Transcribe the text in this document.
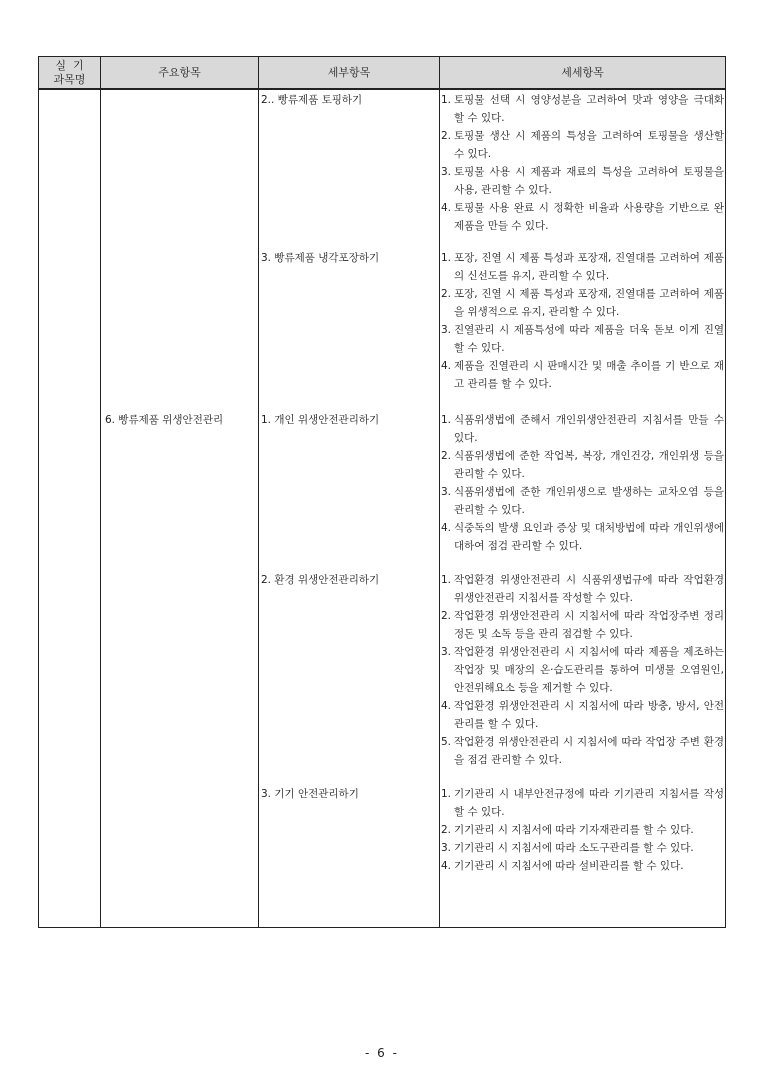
실  기
과목명
주요항목	세부항목	세세항목
6. 빵류제품 위생안전관리
2.. 빵류제품 토핑하기
3. 빵류제품 냉각포장하기
1. 개인 위생안전관리하기
2. 환경 위생안전관리하기
3. 기기 안전관리하기
1. 토핑물 선택 시 영양성분을 고려하여 맛과 영양을 극대화 할 수 있다.
2. 토핑물 생산 시 제품의 특성을 고려하여 토핑물을 생산할 수 있다.
3. 토핑물 사용 시 제품과 재료의 특성을 고려하여 토핑물을 사용, 관리할 수 있다.
4. 토핑물 사용 완료 시 정확한 비율과 사용량을 기반으로 완제품을 만들 수 있다.
1. 포장, 진열 시 제품 특성과 포장재, 진열대를 고려하여 제품의 신선도를 유지, 관리할 수 있다.
2. 포장, 진열 시 제품 특성과 포장재, 진열대를 고려하여 제품을 위생적으로 유지, 관리할 수 있다.
3. 진열관리 시 제품특성에 따라 제품을 더욱 돋보 이게 진열할 수 있다.
4. 제품을 진열관리 시 판매시간 및 매출 추이를 기 반으로 재고 관리를 할 수 있다.
1. 식품위생법에 준해서 개인위생안전관리 지침서를 만들 수 있다.
2. 식품위생법에 준한 작업복, 복장, 개인건강, 개인위생 등을 관리할 수 있다.
3. 식품위생법에 준한 개인위생으로 발생하는 교차오염 등을 관리할 수 있다.
4. 식중독의 발생 요인과 증상 및 대처방법에 따라 개인위생에 대하여 점검 관리할 수 있다.
1. 작업환경 위생안전관리 시 식품위생법규에 따라 작업환경 위생안전관리 지침서를 작성할 수 있다.
2. 작업환경 위생안전관리 시 지침서에 따라 작업장주변 정리 정돈 및 소독 등을 관리 점검할 수 있다.
3. 작업환경 위생안전관리 시 지침서에 따라 제품을 제조하는 작업장 및 매장의 온·습도관리를 통하여 미생물 오염원인, 안전위해요소 등을 제거할 수 있다.
4. 작업환경 위생안전관리 시 지침서에 따라 방충, 방서, 안전 관리를 할 수 있다.
5. 작업환경 위생안전관리 시 지침서에 따라 작업장 주변 환경을 점검 관리할 수 있다.
1. 기기관리 시 내부안전규정에 따라 기기관리 지침서를 작성할 수 있다.
2. 기기관리 시 지침서에 따라 기자재관리를 할 수 있다.
3. 기기관리 시 지침서에 따라 소도구관리를 할 수 있다.
4. 기기관리 시 지침서에 따라 설비관리를 할 수 있다.
- 6 -
